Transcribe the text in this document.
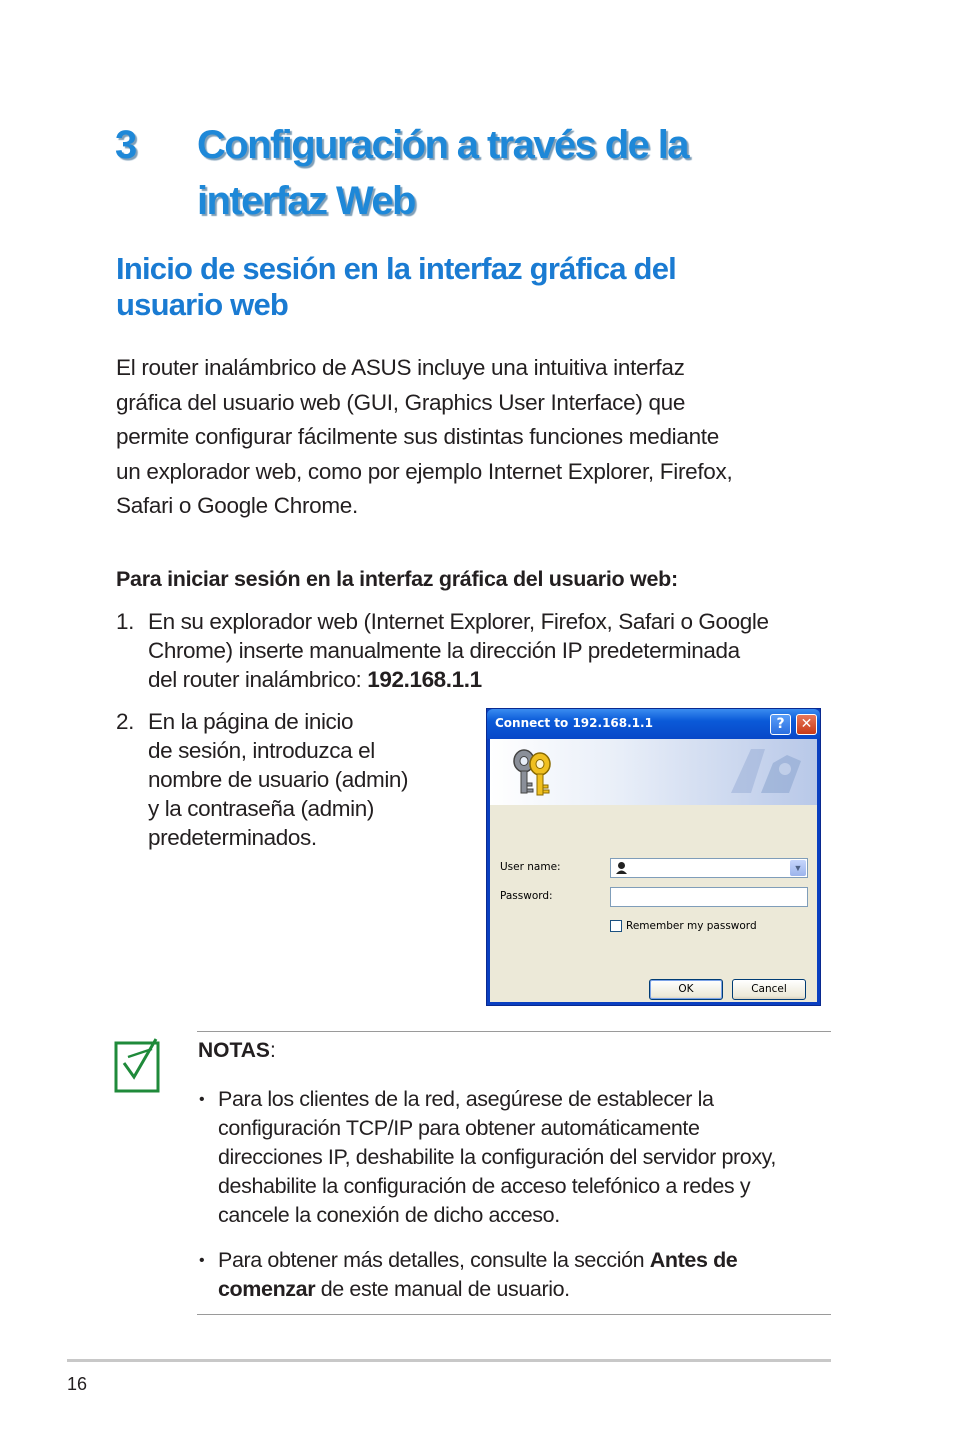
3 Configuración a través de la
interfaz Web
Inicio de sesión en la interfaz gráfica del
usuario web
El router inalámbrico de ASUS incluye una intuitiva interfaz
gráfica del usuario web (GUI, Graphics User Interface) que
permite configurar fácilmente sus distintas funciones mediante
un explorador web, como por ejemplo Internet Explorer, Firefox,
Safari o Google Chrome.
Para iniciar sesión en la interfaz gráfica del usuario web:
1. En su explorador web (Internet Explorer, Firefox, Safari o Google
Chrome) inserte manualmente la dirección IP predeterminada
del router inalámbrico: 192.168.1.1
2. En la página de inicio
de sesión, introduzca el
nombre de usuario (admin)
y la contraseña (admin)
predeterminados.
Connect to 192.168.1.1	?	✕
User name:	▼
Password:
Remember my password
OK	Cancel
NOTAS:
• Para los clientes de la red, asegúrese de establecer la
configuración TCP/IP para obtener automáticamente
direcciones IP, deshabilite la configuración del servidor proxy,
deshabilite la configuración de acceso telefónico a redes y
cancele la conexión de dicho acceso.
• Para obtener más detalles, consulte la sección Antes de
comenzar de este manual de usuario.
16
